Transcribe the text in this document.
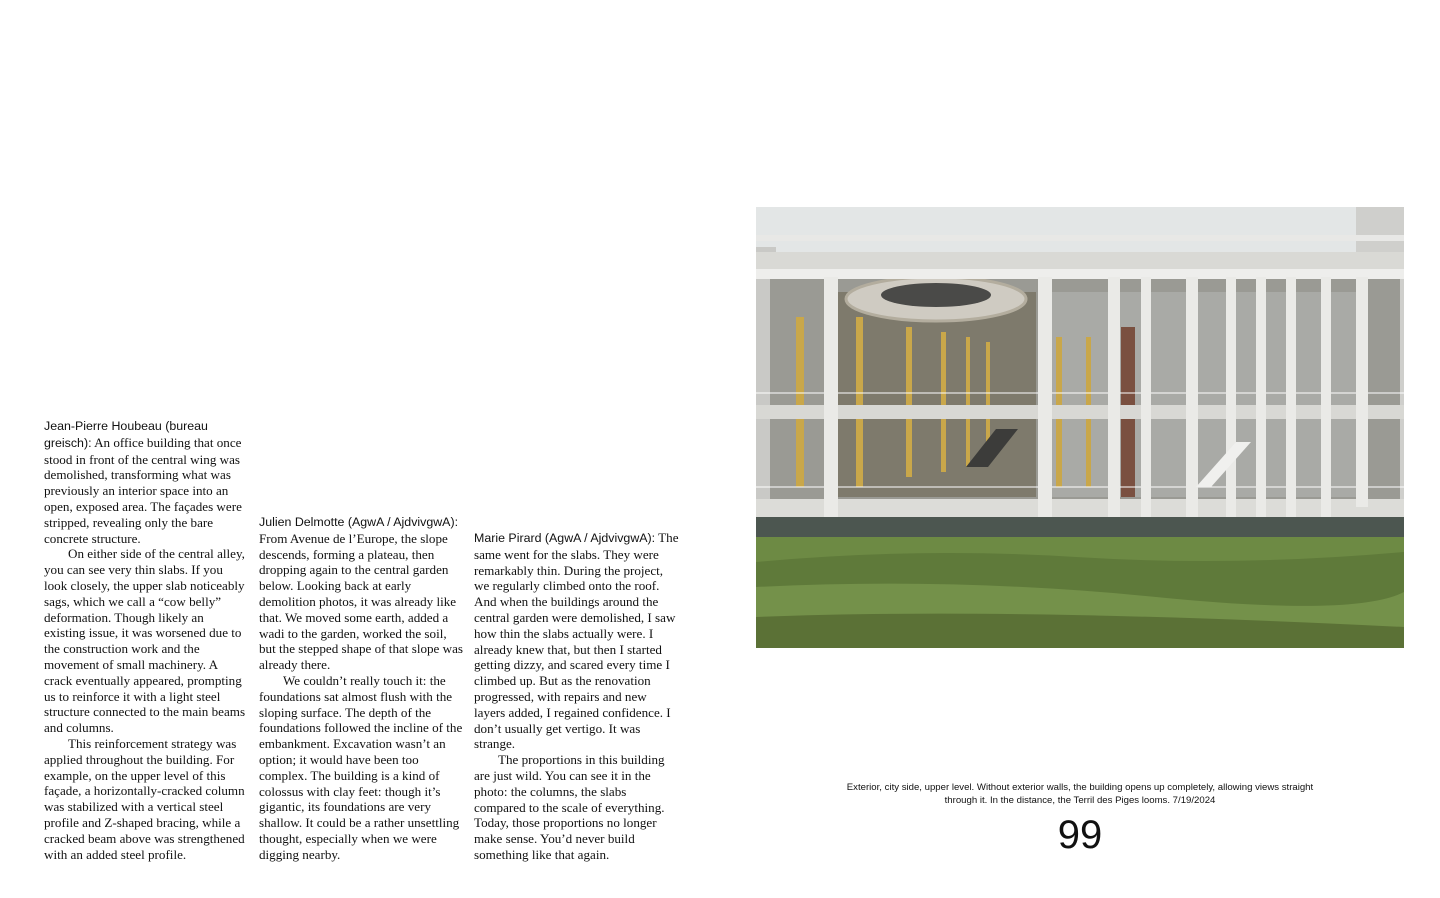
Jean-Pierre Houbeau (bureau greisch): An office building that once stood in front of the central wing was demolished, transforming what was previously an interior space into an open, exposed area. The façades were stripped, revealing only the bare concrete structure.

On either side of the central alley, you can see very thin slabs. If you look closely, the upper slab noticeably sags, which we call a “cow belly” deformation. Though likely an existing issue, it was worsened due to the construction work and the movement of small machinery. A crack eventually appeared, prompting us to reinforce it with a light steel structure connected to the main beams and columns.

This reinforcement strategy was applied throughout the building. For example, on the upper level of this façade, a horizontally-cracked column was stabilized with a vertical steel profile and Z-shaped bracing, while a cracked beam above was strengthened with an added steel profile.

Julien Delmotte (AgwA / AjdvivgwA): From Avenue de l’Europe, the slope descends, forming a plateau, then dropping again to the central garden below. Looking back at early demolition photos, it was already like that. We moved some earth, added a wadi to the garden, worked the soil, but the stepped shape of that slope was already there.

We couldn’t really touch it: the foundations sat almost flush with the sloping surface. The depth of the foundations followed the incline of the embankment. Excavation wasn’t an option; it would have been too complex. The building is a kind of colossus with clay feet: though it’s gigantic, its foundations are very shallow. It could be a rather unsettling thought, especially when we were digging nearby.

Marie Pirard (AgwA / AjdvivgwA): The same went for the slabs. They were remarkably thin. During the project, we regularly climbed onto the roof. And when the buildings around the central garden were demolished, I saw how thin the slabs actually were. I already knew that, but then I started getting dizzy, and scared every time I climbed up. But as the renovation progressed, with repairs and new layers added, I regained confidence. I don’t usually get vertigo. It was strange.

The proportions in this building are just wild. You can see it in the photo: the columns, the slabs compared to the scale of everything. Today, those proportions no longer make sense. You’d never build something like that again.

Exterior, city side, upper level. Without exterior walls, the building opens up completely, allowing views straight through it. In the distance, the Terril des Piges looms. 7/19/2024
99
